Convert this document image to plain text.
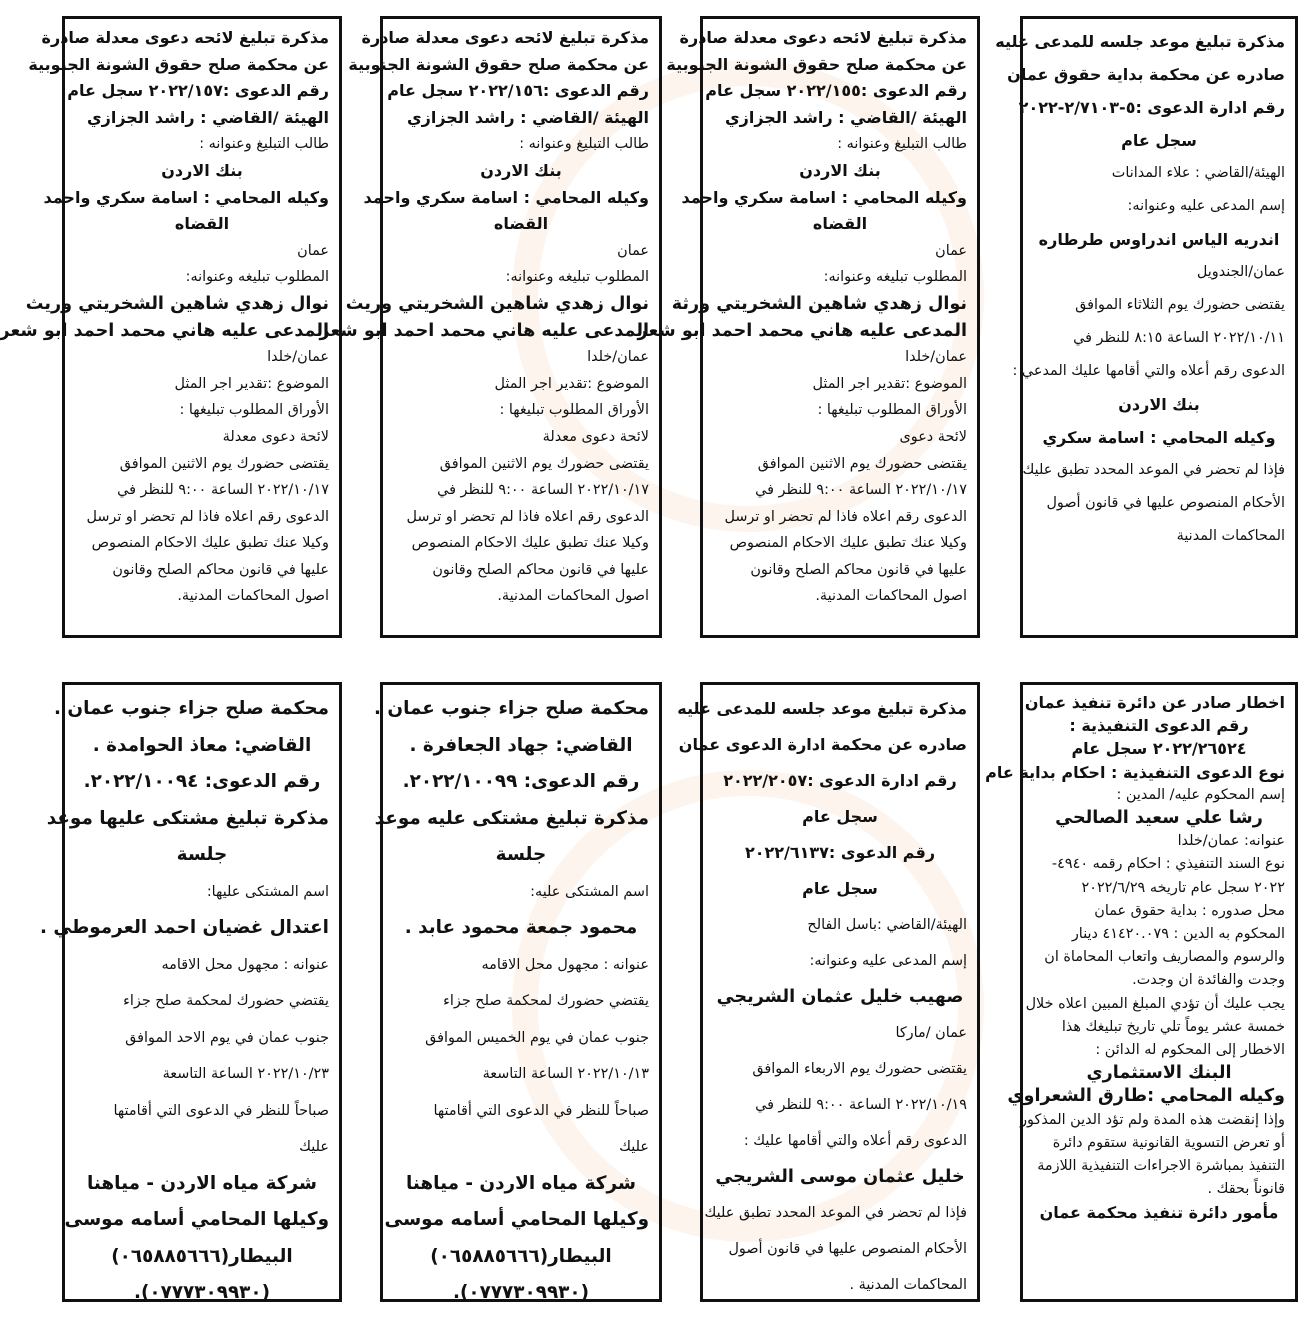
مذكرة تبليغ موعد جلسه للمدعى عليه
صادره عن محكمة بداية حقوق عمان
رقم ادارة الدعوى :٥-٢/٧١٠٣-٢٠٢٢
سجل عام
الهيئة/القاضي : علاء المدانات
إسم المدعى عليه وعنوانه:
اندريه الياس اندراوس طرطاره
عمان/الجندويل
يقتضى حضورك يوم الثلاثاء الموافق
٢٠٢٢/١٠/١١ الساعة ٨:١٥ للنظر في
الدعوى رقم أعلاه والتي أقامها عليك المدعي :
بنك الاردن
وكيله المحامي : اسامة سكري
فإذا لم تحضر في الموعد المحدد تطبق عليك
الأحكام المنصوص عليها في قانون أصول
المحاكمات المدنية
مذكرة تبليغ لائحه دعوى معدلة صادرة
عن محكمة صلح حقوق الشونة الجنوبية
رقم الدعوى :٢٠٢٢/١٥٥ سجل عام
الهيئة /القاضي : راشد الجزازي
طالب التبليغ وعنوانه :
بنك الاردن
وكيله المحامي : اسامة سكري واحمد
القضاه
عمان
المطلوب تبليغه وعنوانه:
نوال زهدي شاهين الشخريتي ورثة
المدعى عليه هاني محمد احمد ابو شعر
عمان/خلدا
الموضوع :تقدير اجر المثل
الأوراق المطلوب تبليغها :
لائحة دعوى
يقتضى حضورك يوم الاثنين الموافق
٢٠٢٢/١٠/١٧ الساعة ٩:٠٠ للنظر في
الدعوى رقم اعلاه فاذا لم تحضر او ترسل
وكيلا عنك تطبق عليك الاحكام المنصوص
عليها في قانون محاكم الصلح وقانون
اصول المحاكمات المدنية.
مذكرة تبليغ لائحه دعوى معدلة صادرة
عن محكمة صلح حقوق الشونة الجنوبية
رقم الدعوى :٢٠٢٢/١٥٦ سجل عام
الهيئة /القاضي : راشد الجزازي
طالب التبليغ وعنوانه :
بنك الاردن
وكيله المحامي : اسامة سكري واحمد
القضاه
عمان
المطلوب تبليغه وعنوانه:
نوال زهدي شاهين الشخريتي وريث
المدعى عليه هاني محمد احمد ابو شعر
عمان/خلدا
الموضوع :تقدير اجر المثل
الأوراق المطلوب تبليغها :
لائحة دعوى معدلة
يقتضى حضورك يوم الاثنين الموافق
٢٠٢٢/١٠/١٧ الساعة ٩:٠٠ للنظر في
الدعوى رقم اعلاه فاذا لم تحضر او ترسل
وكيلا عنك تطبق عليك الاحكام المنصوص
عليها في قانون محاكم الصلح وقانون
اصول المحاكمات المدنية.
مذكرة تبليغ لائحه دعوى معدلة صادرة
عن محكمة صلح حقوق الشونة الجنوبية
رقم الدعوى :٢٠٢٢/١٥٧ سجل عام
الهيئة /القاضي : راشد الجزازي
طالب التبليغ وعنوانه :
بنك الاردن
وكيله المحامي : اسامة سكري واحمد
القضاه
عمان
المطلوب تبليغه وعنوانه:
نوال زهدي شاهين الشخريتي وريث
المدعى عليه هاني محمد احمد ابو شعر
عمان/خلدا
الموضوع :تقدير اجر المثل
الأوراق المطلوب تبليغها :
لائحة دعوى معدلة
يقتضى حضورك يوم الاثنين الموافق
٢٠٢٢/١٠/١٧ الساعة ٩:٠٠ للنظر في
الدعوى رقم اعلاه فاذا لم تحضر او ترسل
وكيلا عنك تطبق عليك الاحكام المنصوص
عليها في قانون محاكم الصلح وقانون
اصول المحاكمات المدنية.
اخطار صادر عن دائرة تنفيذ عمان
رقم الدعوى التنفيذية :
٢٠٢٢/٢٦٥٢٤ سجل عام
نوع الدعوى التنفيذية : احكام بداية عام
إسم المحكوم عليه/ المدين :
رشا علي سعيد الصالحي
عنوانه: عمان/خلدا
نوع السند التنفيذي : احكام رقمه ٤٩٤٠-
٢٠٢٢ سجل عام تاريخه ٢٠٢٢/٦/٢٩
محل صدوره : بداية حقوق عمان
المحكوم به الدين : ٤١٤٢٠.٠٧٩ دينار
والرسوم والمصاريف واتعاب المحاماة ان
وجدت والفائدة ان وجدت.
يجب عليك أن تؤدي المبلغ المبين اعلاه خلال
خمسة عشر يوماً تلي تاريخ تبليغك هذا
الاخطار إلى المحكوم له الدائن :
البنك الاستثماري
وكيله المحامي :طارق الشعراوي
وإذا إنقضت هذه المدة ولم تؤد الدين المذكور
أو تعرض التسوية القانونية ستقوم دائرة
التنفيذ بمباشرة الاجراءات التنفيذية اللازمة
قانوناً بحقك .
مأمور دائرة تنفيذ محكمة عمان
مذكرة تبليغ موعد جلسه للمدعى عليه
صادره عن محكمة ادارة الدعوى عمان
رقم ادارة الدعوى :٢٠٢٢/٢٠٥٧
سجل عام
رقم الدعوى :٢٠٢٢/٦١٣٧
سجل عام
الهيئة/القاضي :باسل الفالح
إسم المدعى عليه وعنوانه:
صهيب خليل عثمان الشريجي
عمان /ماركا
يقتضى حضورك يوم الاربعاء الموافق
٢٠٢٢/١٠/١٩ الساعة ٩:٠٠ للنظر في
الدعوى رقم أعلاه والتي أقامها عليك :
خليل عثمان موسى الشريجي
فإذا لم تحضر في الموعد المحدد تطبق عليك
الأحكام المنصوص عليها في قانون أصول
المحاكمات المدنية .
محكمة صلح جزاء جنوب عمان .
القاضي: جهاد الجعافرة .
رقم الدعوى: ٢٠٢٢/١٠٠٩٩.
مذكرة تبليغ مشتكى عليه موعد
جلسة
اسم المشتكى عليه:
محمود جمعة محمود عابد .
عنوانه : مجهول محل الاقامه
يقتضي حضورك لمحكمة صلح جزاء
جنوب عمان في يوم الخميس الموافق
٢٠٢٢/١٠/١٣ الساعة التاسعة
صباحاً للنظر في الدعوى التي أقامتها
عليك
شركة مياه الاردن - مياهنا
وكيلها المحامي أسامه موسى
البيطار(٠٦٥٨٨٥٦٦٦)
(٠٧٧٧٣٠٩٩٣٠).
محكمة صلح جزاء جنوب عمان .
القاضي: معاذ الحوامدة .
رقم الدعوى: ٢٠٢٢/١٠٠٩٤.
مذكرة تبليغ مشتكى عليها موعد
جلسة
اسم المشتكى عليها:
اعتدال غضيان احمد العرموطي .
عنوانه : مجهول محل الاقامه
يقتضي حضورك لمحكمة صلح جزاء
جنوب عمان في يوم الاحد الموافق
٢٠٢٢/١٠/٢٣ الساعة التاسعة
صباحاً للنظر في الدعوى التي أقامتها
عليك
شركة مياه الاردن - مياهنا
وكيلها المحامي أسامه موسى
البيطار(٠٦٥٨٨٥٦٦٦)
(٠٧٧٧٣٠٩٩٣٠).
